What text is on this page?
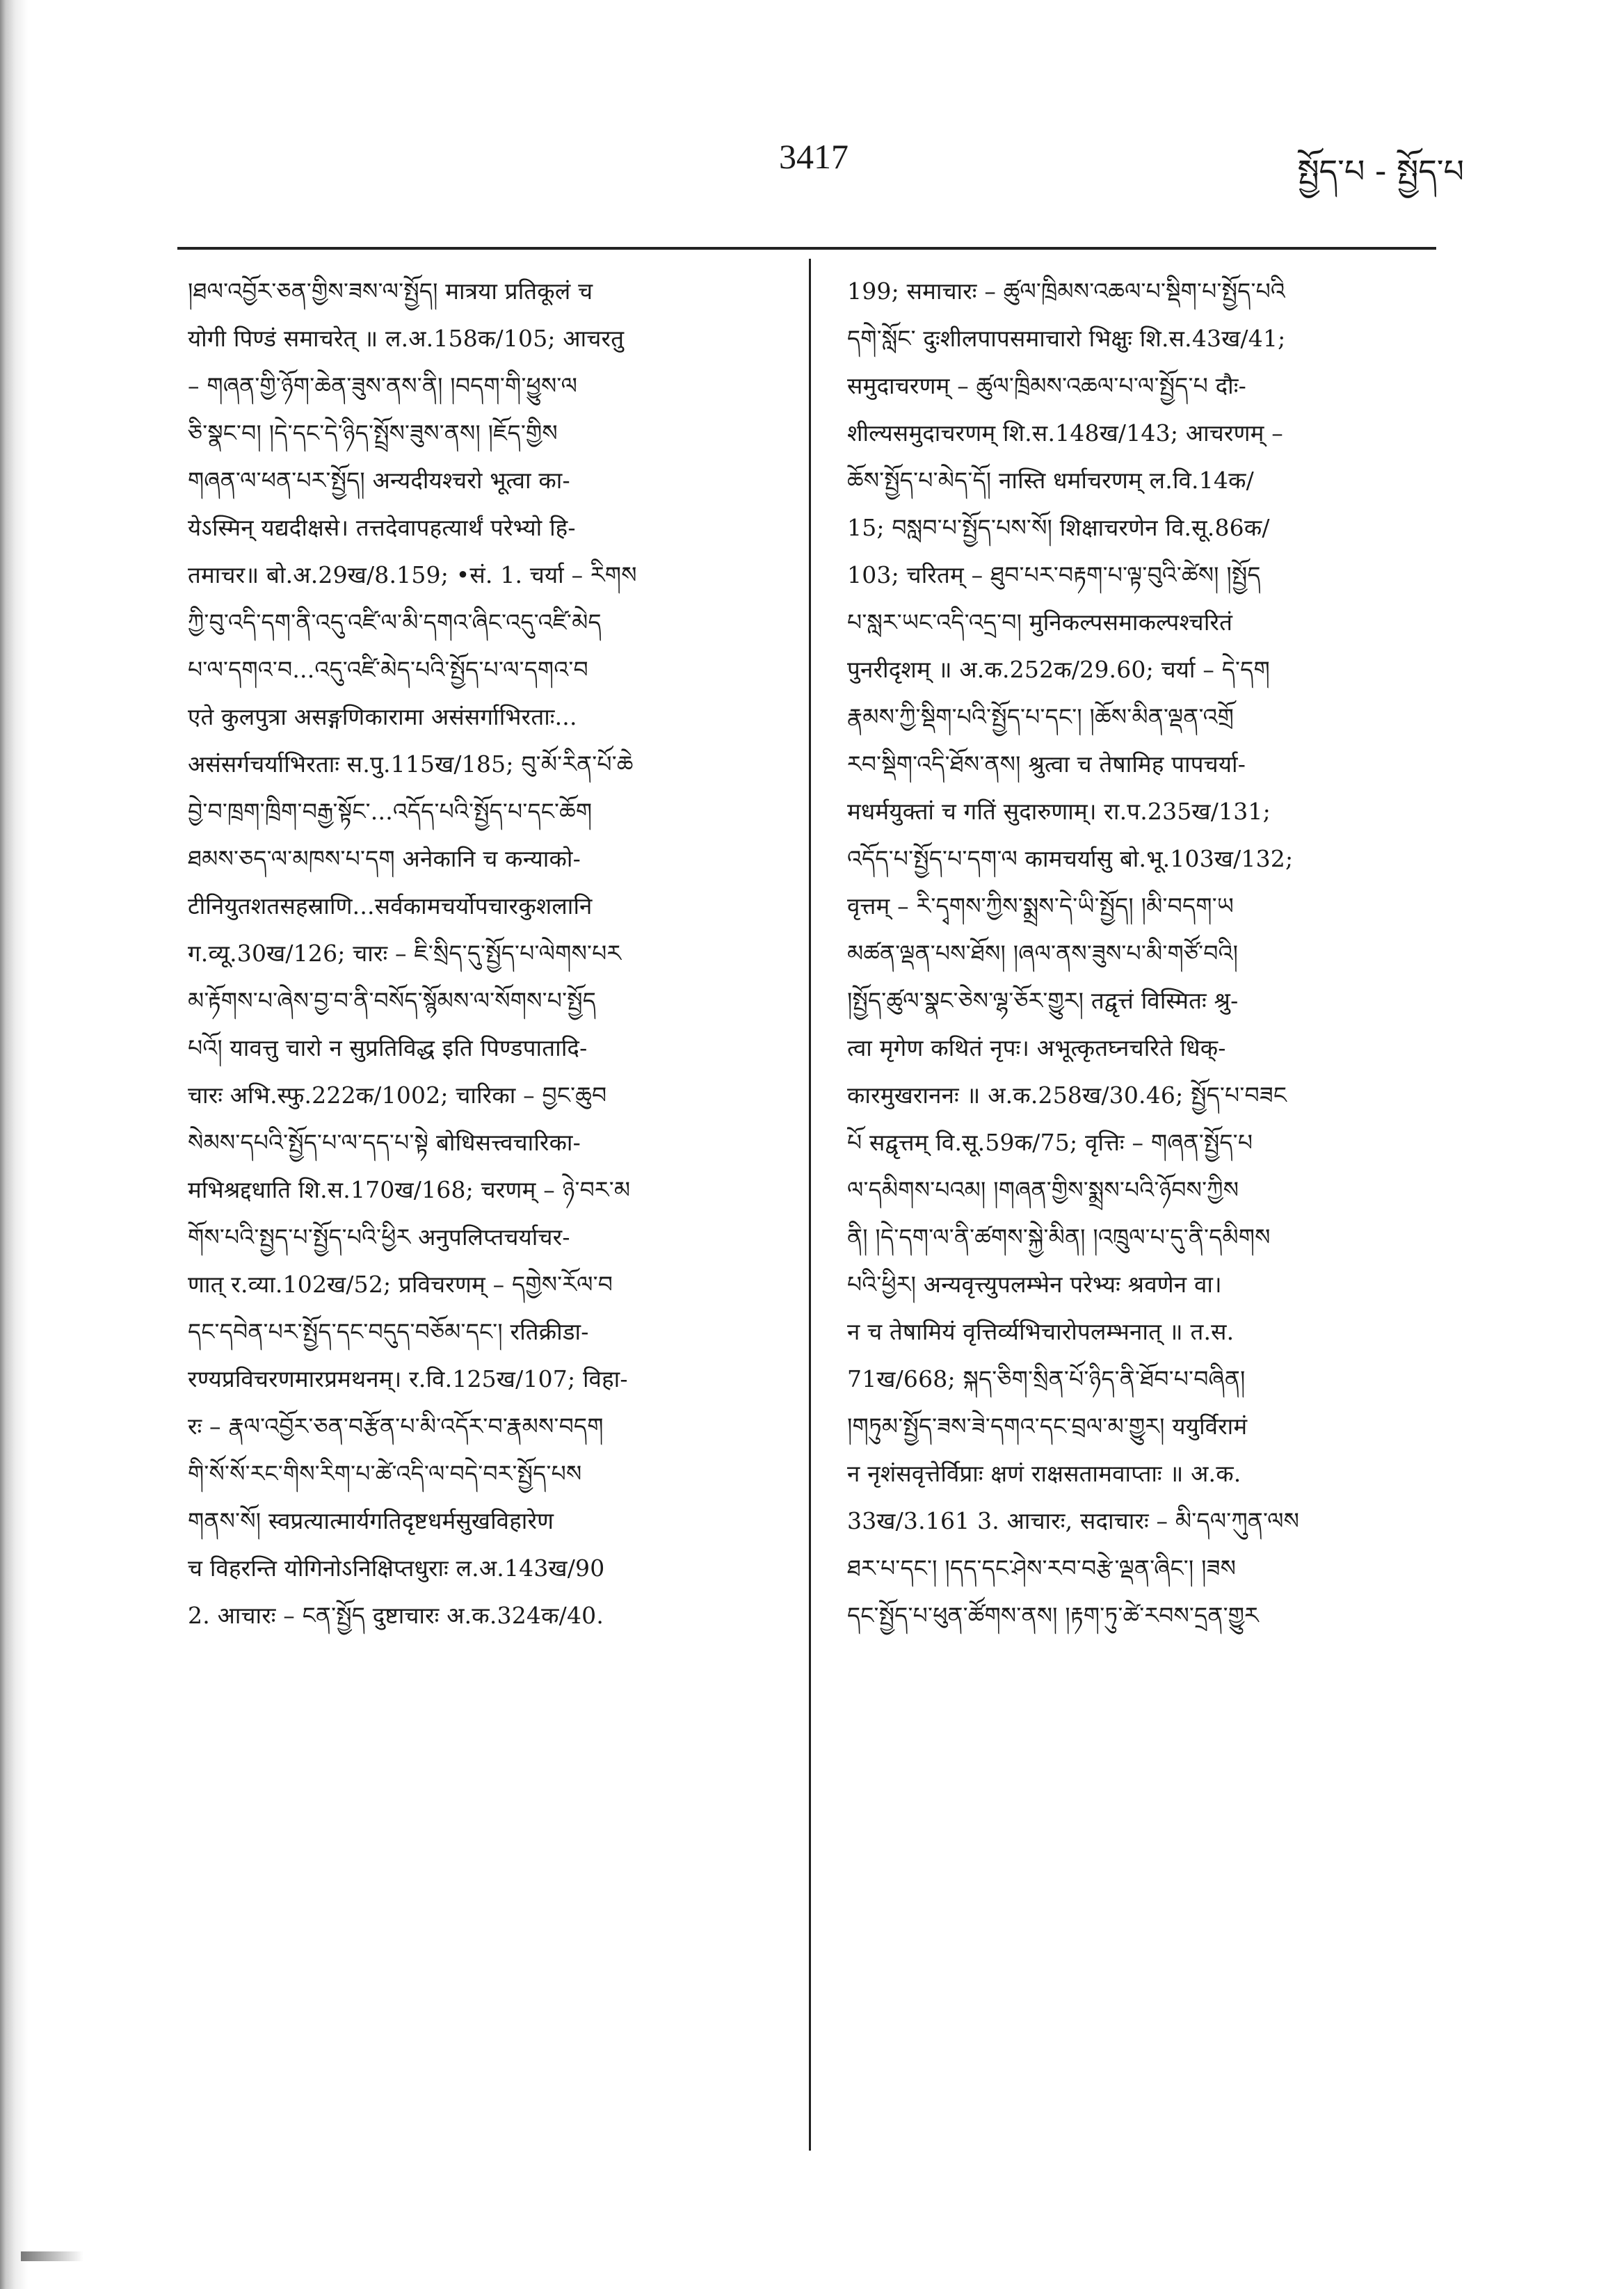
3417	སྤྱོད་པ - སྤྱོད་པ
།ཐལ་འབྱོར་ཅན་གྱིས་ཟས་ལ་སྤྱོད། मात्रया प्रतिकूलं च
योगी पिण्डं समाचरेत् ॥ ल.अ.158क/105; आचरतु
– གཞན་གྱི་ཉོག་ཆེན་ཟུས་ནས་ནི། །བདག་གི་ཕྱུས་ལ
ཅི་སྣང་བ། །དེ་དང་དེ་ཉིད་སྤྲོས་ཟུས་ནས། །ཇོད་གྱིས
གཞན་ལ་ཕན་པར་སྤྱོད། अन्यदीयश्चरो भूत्वा का-
येऽस्मिन् यद्यदीक्षसे। तत्तदेवापहत्यार्थं परेभ्यो हि-
तमाचर॥ बो.अ.29ख/8.159; •सं. 1. चर्या – རིགས
ཀྱི་བུ་འདི་དག་ནི་འདུ་འཛི་ལ་མི་དགའ་ཞིང་འདུ་འཛི་མེད
པ་ལ་དགའ་བ...འདུ་འཛི་མེད་པའི་སྤྱོད་པ་ལ་དགའ་བ
एते कुलपुत्रा असङ्गणिकारामा असंसर्गाभिरताः...
असंसर्गचर्याभिरताः स.पु.115ख/185; བུ་མོ་རིན་པོ་ཆེ
བྱེ་བ་ཁྲག་ཁྲིག་བརྒྱ་སྟོང་...འདོད་པའི་སྤྱོད་པ་དང་ཆོག
ཐམས་ཅད་ལ་མཁས་པ་དག अनेकानि च कन्याको-
टीनियुतशतसहस्राणि...सर्वकामचर्योपचारकुशलानि
ग.व्यू.30ख/126; चारः – ཇི་སྲིད་དུ་སྤྱོད་པ་ལེགས་པར
མ་རྟོགས་པ་ཞེས་བྱ་བ་ནི་བསོད་སྙོམས་ལ་སོགས་པ་སྤྱོད
པའོ། यावत्तु चारो न सुप्रतिविद्ध इति पिण्डपातादि-
चारः अभि.स्फु.222क/1002; चारिका – བྱང་ཆུབ
སེམས་དཔའི་སྤྱོད་པ་ལ་དད་པ་སྟེ बोधिसत्त्वचारिका-
मभिश्रद्दधाति शि.स.170ख/168; चरणम् – ཉེ་བར་མ
གོས་པའི་སྤྱད་པ་སྤྱོད་པའི་ཕྱིར अनुपलिप्तचर्याचर-
णात् र.व्या.102ख/52; प्रविचरणम् – དགྱེས་རོལ་བ
དང་དབེན་པར་སྤྱོད་དང་བདུད་བཅོམ་དང་། रतिक्रीडा-
रण्यप्रविचरणमारप्रमथनम्। र.वि.125ख/107; विहा-
रः – རྣལ་འབྱོར་ཅན་བརྩོན་པ་མི་འདོར་བ་རྣམས་བདག
གི་སོ་སོ་རང་གིས་རིག་པ་ཚེ་འདི་ལ་བདེ་བར་སྤྱོད་པས
གནས་སོ། स्वप्रत्यात्मार्यगतिदृष्टधर्मसुखविहारेण
च विहरन्ति योगिनोऽनिक्षिप्तधुराः ल.अ.143ख/90
2. आचारः – ངན་སྤྱོད दुष्टाचारः अ.क.324क/40.
199; समाचारः – ཚུལ་ཁྲིམས་འཆལ་པ་སྡིག་པ་སྤྱོད་པའི
དགེ་སློང་ दुःशीलपापसमाचारो भिक्षुः शि.स.43ख/41;
समुदाचरणम् – ཚུལ་ཁྲིམས་འཆལ་པ་ལ་སྤྱོད་པ दौः-
शील्यसमुदाचरणम् शि.स.148ख/143; आचरणम् –
ཆོས་སྤྱོད་པ་མེད་དོ། नास्ति धर्माचरणम् ल.वि.14क/
15; བསླབ་པ་སྤྱོད་པས་སོ། शिक्षाचरणेन वि.सू.86क/
103; चरितम् – ཐུབ་པར་བརྟག་པ་ལྟ་བུའི་ཚེས། །སྤྱོད
པ་སླར་ཡང་འདི་འདྲ་བ། मुनिकल्पसमाकल्पश्चरितं
पुनरीदृशम् ॥ अ.क.252क/29.60; चर्या – དེ་དག
རྣམས་ཀྱི་སྡིག་པའི་སྤྱོད་པ་དང་། །ཆོས་མིན་ལྡན་འགྲོ
རབ་སྡིག་འདི་ཐོས་ནས། श्रुत्वा च तेषामिह पापचर्या-
मधर्मयुक्तां च गतिं सुदारुणाम्। रा.प.235ख/131;
འདོད་པ་སྤྱོད་པ་དག་ལ कामचर्यासु बो.भू.103ख/132;
वृत्तम् – རི་དྭགས་ཀྱིས་སྨྲས་དེ་ཡི་སྤྱོད། །མི་བདག་ཡ
མཚན་ལྡན་པས་ཐོས། །ཞལ་ནས་ཟུས་པ་མི་གཙོ་བའི།
།སྤྱོད་ཚུལ་སྣང་ཅེས་ལྷ་ཅོར་གྱུར། तद्वृत्तं विस्मितः श्रु-
त्वा मृगेण कथितं नृपः। अभूत्कृतघ्नचरिते धिक्-
कारमुखराननः ॥ अ.क.258ख/30.46; སྤྱོད་པ་བཟང
པོ सद्वृत्तम् वि.सू.59क/75; वृत्तिः – གཞན་སྤྱོད་པ
ལ་དམིགས་པའམ། །གཞན་གྱིས་སྨྲས་པའི་ཉོབས་ཀྱིས
ནི། །དེ་དག་ལ་ནི་ཚགས་སྐྱེ་མིན། །འཁྲུལ་པ་དུ་ནི་དམིགས
པའི་ཕྱིར། अन्यवृत्त्युपलम्भेन परेभ्यः श्रवणेन वा।
न च तेषामियं वृत्तिर्व्यभिचारोपलम्भनात् ॥ त.स.
71ख/668; སྐད་ཅིག་སྲིན་པོ་ཉིད་ནི་ཐོབ་པ་བཞིན།
།གཏུམ་སྤྱོད་ཟས་ཟེ་དགའ་དང་བྲལ་མ་གྱུར། ययुर्विरामं
न नृशंसवृत्तेर्विप्राः क्षणं राक्षसतामवाप्ताः ॥ अ.क.
33ख/3.161 3. आचारः, सदाचारः – མི་དལ་ཀུན་ལས
ཐར་པ་དང་། །དད་དང་ཤེས་རབ་བརྩེ་ལྡན་ཞིང་། །ཟས
དང་སྤྱོད་པ་ཕུན་ཚོགས་ནས། །རྟག་ཏུ་ཚེ་རབས་དྲན་གྱུར
